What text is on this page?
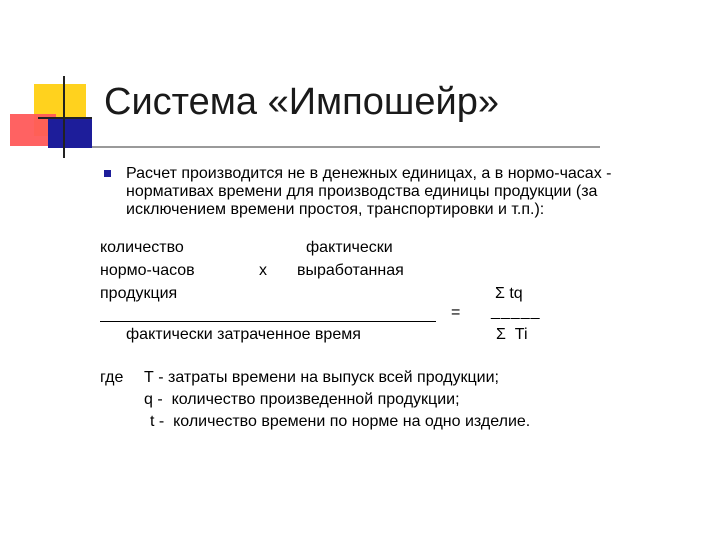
Система «Импошейр»
Расчет производится не в денежных единицах, а в нормо-часах -
нормативах времени для производства единицы продукции (за
исключением времени простоя, транспортировки и т.п.):
количество
нормо-часов
продукция
х
фактически
выработанная
фактически затраченное время
=
Σ tq
_____
Σ  Ti
где Т - затраты времени на выпуск всей продукции;
q -  количество произведенной продукции;
t -  количество времени по норме на одно изделие.
